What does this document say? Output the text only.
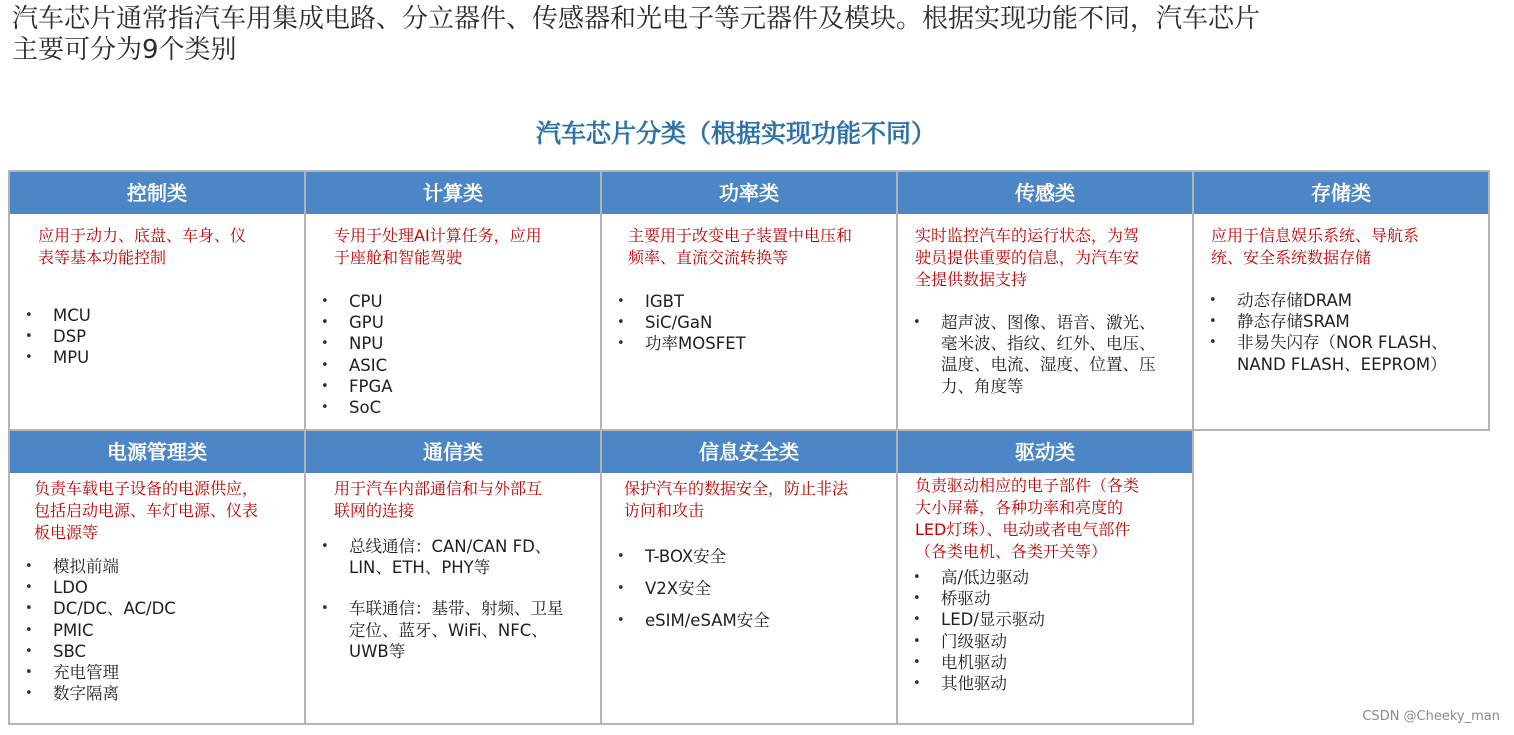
汽车芯片通常指汽车用集成电路、分立器件、传感器和光电子等元器件及模块。根据实现功能不同，汽车芯片
主要可分为9个类别
汽车芯片分类（根据实现功能不同）
控制类
应用于动力、底盘、车身、仪
表等基本功能控制
• MCU
• DSP
• MPU
计算类
专用于处理AI计算任务，应用
于座舱和智能驾驶
• CPU
• GPU
• NPU
• ASIC
• FPGA
• SoC
功率类
主要用于改变电子装置中电压和
频率、直流交流转换等
• IGBT
• SiC/GaN
• 功率MOSFET
传感类
实时监控汽车的运行状态，为驾
驶员提供重要的信息，为汽车安
全提供数据支持
• 超声波、图像、语音、激光、
毫米波、指纹、红外、电压、
温度、电流、湿度、位置、压
力、角度等
存储类
应用于信息娱乐系统、导航系
统、安全系统数据存储
• 动态存储DRAM
• 静态存储SRAM
• 非易失闪存（NOR FLASH、
NAND FLASH、EEPROM）
电源管理类
负责车载电子设备的电源供应，
包括启动电源、车灯电源、仪表
板电源等
• 模拟前端
• LDO
• DC/DC、AC/DC
• PMIC
• SBC
• 充电管理
• 数字隔离
通信类
用于汽车内部通信和与外部互
联网的连接
• 总线通信：CAN/CAN FD、
LIN、ETH、PHY等
• 车联通信：基带、射频、卫星
定位、蓝牙、WiFi、NFC、
UWB等
信息安全类
保护汽车的数据安全，防止非法
访问和攻击
• T-BOX安全
• V2X安全
• eSIM/eSAM安全
驱动类
负责驱动相应的电子部件（各类
大小屏幕，各种功率和亮度的
LED灯珠）、电动或者电气部件
（各类电机、各类开关等）
• 高/低边驱动
• 桥驱动
• LED/显示驱动
• 门级驱动
• 电机驱动
• 其他驱动
CSDN @Cheeky_man
